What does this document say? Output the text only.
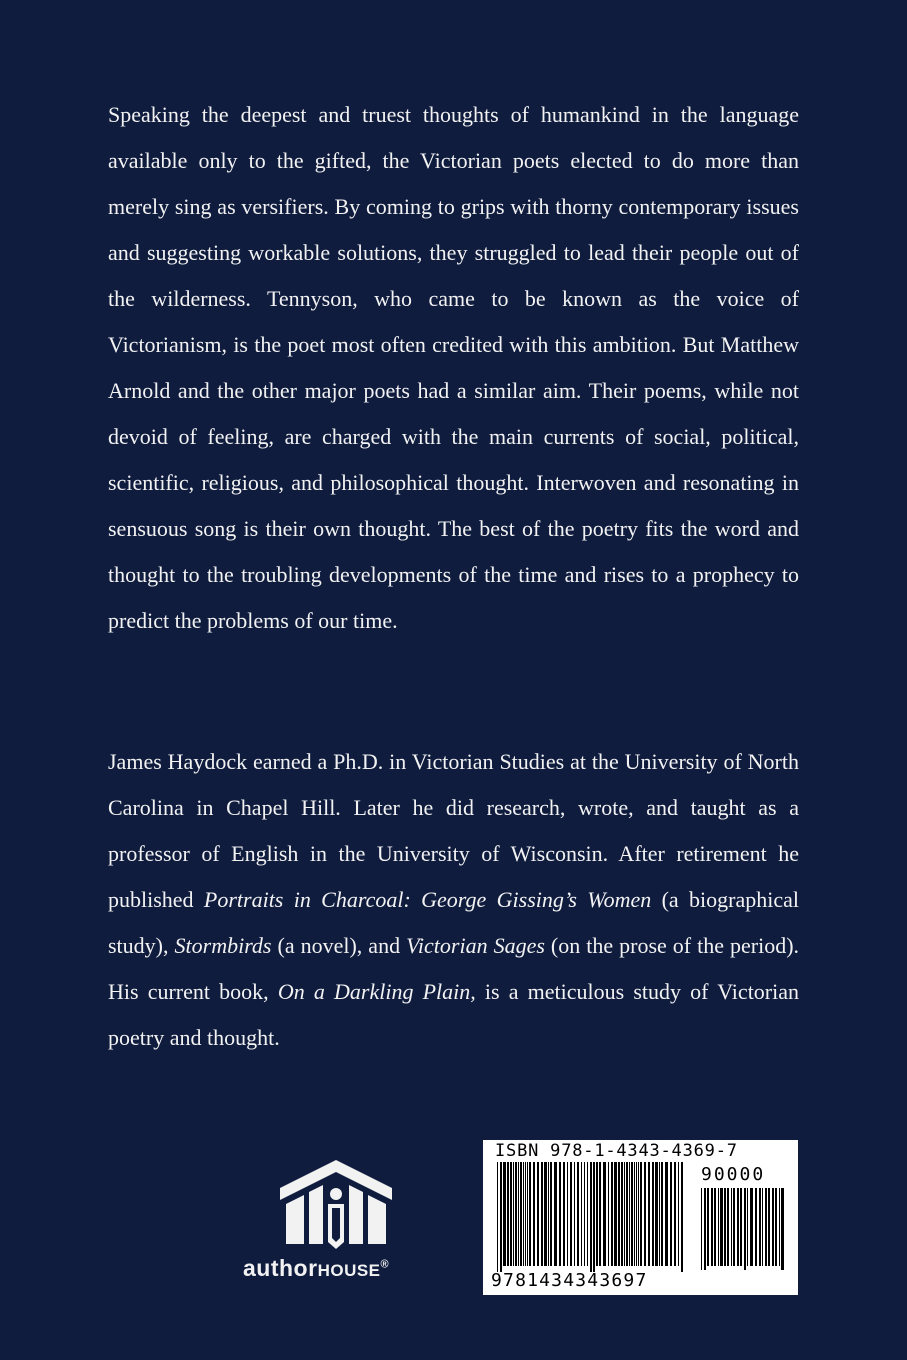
Speaking the deepest and truest thoughts of humankind in the language available only to the gifted, the Victorian poets elected to do more than merely sing as versifiers. By coming to grips with thorny contemporary issues and suggesting workable solutions, they struggled to lead their people out of the wilderness. Tennyson, who came to be known as the voice of Victorianism, is the poet most often credited with this ambition. But Matthew Arnold and the other major poets had a similar aim. Their poems, while not devoid of feeling, are charged with the main currents of social, political, scientific, religious, and philosophical thought. Interwoven and resonating in sensuous song is their own thought. The best of the poetry fits the word and thought to the troubling developments of the time and rises to a prophecy to predict the problems of our time.

James Haydock earned a Ph.D. in Victorian Studies at the University of North Carolina in Chapel Hill. Later he did research, wrote, and taught as a professor of English in the University of Wisconsin. After retirement he published Portraits in Charcoal: George Gissing’s Women (a biographical study), Stormbirds (a novel), and Victorian Sages (on the prose of the period). His current book, On a Darkling Plain, is a meticulous study of Victorian poetry and thought.

authorHOUSE®
ISBN 978-1-4343-4369-7
90000
9781434343697
